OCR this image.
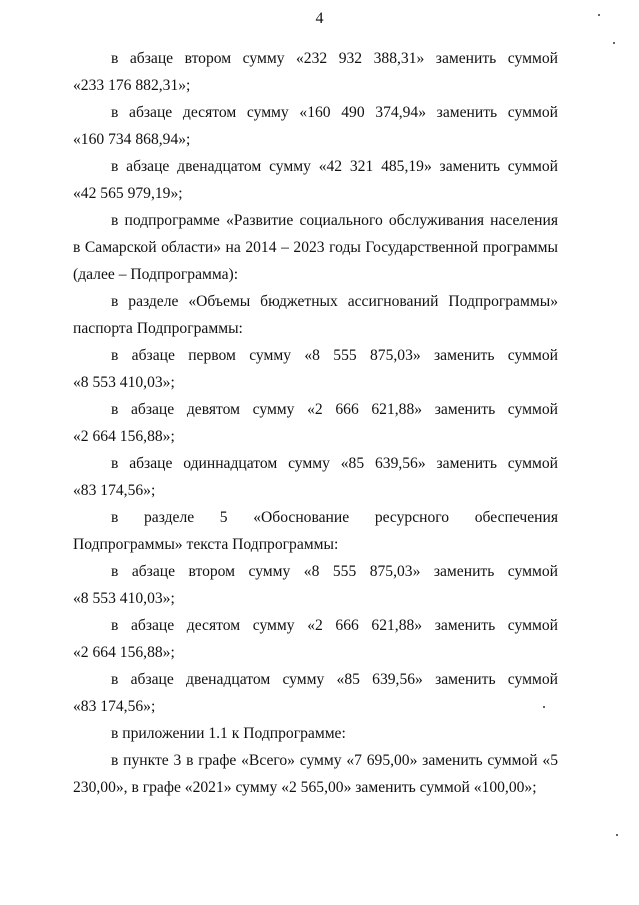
4

в абзаце втором сумму «232 932 388,31» заменить суммой
«233 176 882,31»;

в абзаце десятом сумму «160 490 374,94» заменить суммой
«160 734 868,94»;

в абзаце двенадцатом сумму «42 321 485,19» заменить суммой
«42 565 979,19»;

в подпрограмме «Развитие социального обслуживания населения в Самарской области» на 2014 – 2023 годы Государственной программы (далее – Подпрограмма):

в разделе «Объемы бюджетных ассигнований Подпрограммы» паспорта Подпрограммы:

в абзаце первом сумму «8 555 875,03» заменить суммой
«8 553 410,03»;

в абзаце девятом сумму «2 666 621,88» заменить суммой
«2 664 156,88»;

в абзаце одиннадцатом сумму «85 639,56» заменить суммой
«83 174,56»;

в разделе 5 «Обоснование ресурсного обеспечения Подпрограммы» текста Подпрограммы:

в абзаце втором сумму «8 555 875,03» заменить суммой
«8 553 410,03»;

в абзаце десятом сумму «2 666 621,88» заменить суммой
«2 664 156,88»;

в абзаце двенадцатом сумму «85 639,56» заменить суммой
«83 174,56»;

в приложении 1.1 к Подпрограмме:

в пункте 3 в графе «Всего» сумму «7 695,00» заменить суммой «5 230,00», в графе «2021» сумму «2 565,00» заменить суммой «100,00»;
